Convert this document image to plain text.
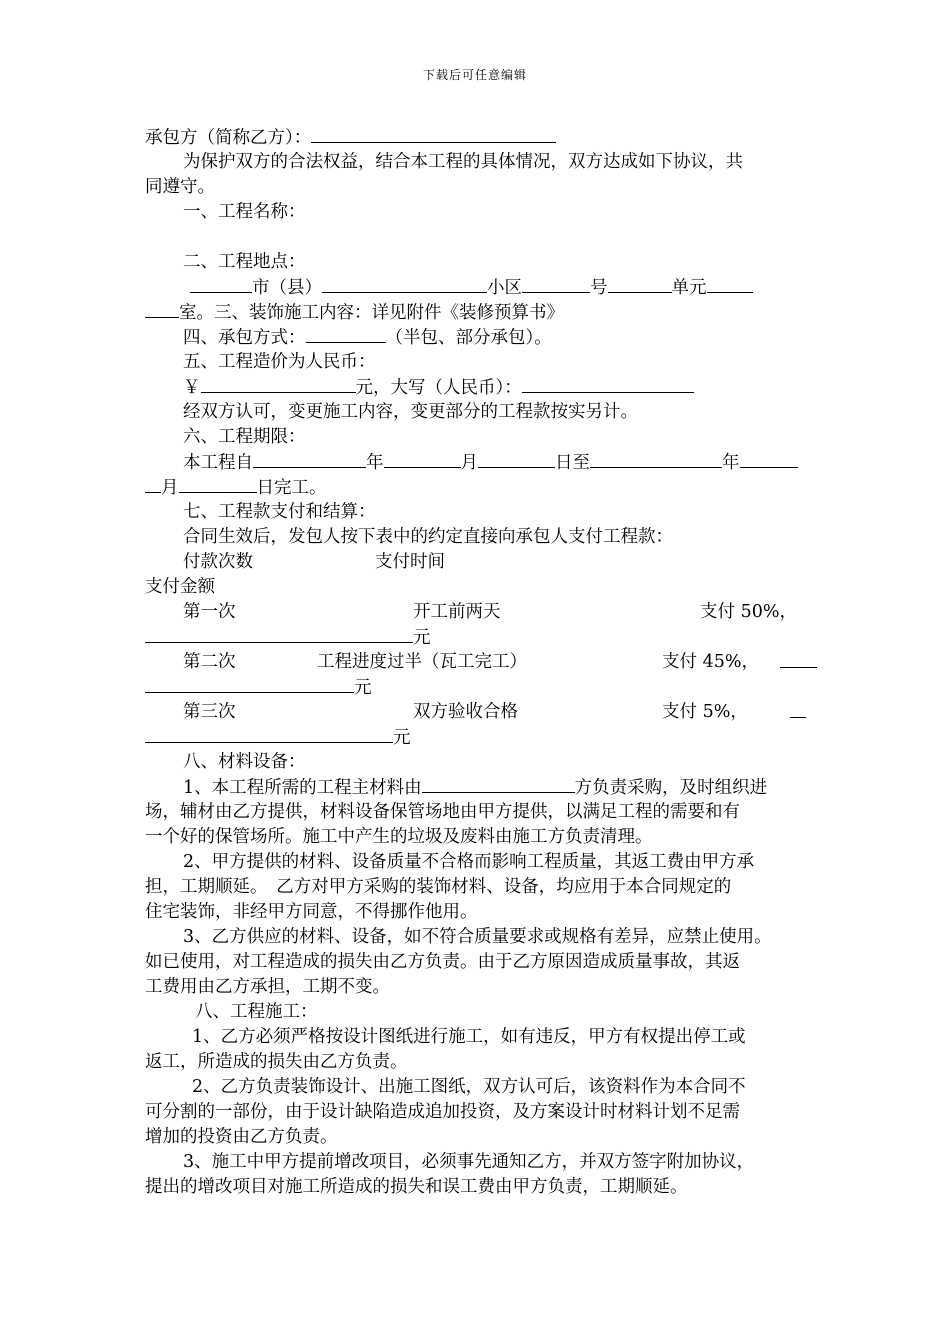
下载后可任意编辑
承包方（简称乙方）：
为保护双方的合法权益，结合本工程的具体情况，双方达成如下协议，共
同遵守。
一、工程名称：
二、工程地点：
市（县）	小区	号	单元
室。三、装饰施工内容：详见附件《装修预算书》
四、承包方式：	（半包、部分承包）。
五、工程造价为人民币：
￥	元，大写（人民币）：
经双方认可，变更施工内容，变更部分的工程款按实另计。
六、工程期限：
本工程自	年	月	日至	年
月	日完工。
七、工程款支付和结算：
合同生效后，发包人按下表中的约定直接向承包人支付工程款：
付款次数	支付时间
支付金额
第一次	开工前两天	支付 50%，
元
第二次	工程进度过半（瓦工完工）	支付 45%，
元
第三次	双方验收合格	支付 5%，
元
八、材料设备：
1、本工程所需的工程主材料由	方负责采购，及时组织进
场，辅材由乙方提供，材料设备保管场地由甲方提供，以满足工程的需要和有
一个好的保管场所。施工中产生的垃圾及废料由施工方负责清理。
2、甲方提供的材料、设备质量不合格而影响工程质量，其返工费由甲方承
担，工期顺延。　乙方对甲方采购的装饰材料、设备，均应用于本合同规定的
住宅装饰，非经甲方同意，不得挪作他用。
3、乙方供应的材料、设备，如不符合质量要求或规格有差异，应禁止使用。
如已使用，对工程造成的损失由乙方负责。由于乙方原因造成质量事故，其返
工费用由乙方承担，工期不变。
八、工程施工：
1、乙方必须严格按设计图纸进行施工，如有违反，甲方有权提出停工或
返工，所造成的损失由乙方负责。
2、乙方负责装饰设计、出施工图纸，双方认可后，该资料作为本合同不
可分割的一部份，由于设计缺陷造成追加投资，及方案设计时材料计划不足需
增加的投资由乙方负责。
3、施工中甲方提前增改项目，必须事先通知乙方，并双方签字附加协议，
提出的增改项目对施工所造成的损失和误工费由甲方负责，工期顺延。
